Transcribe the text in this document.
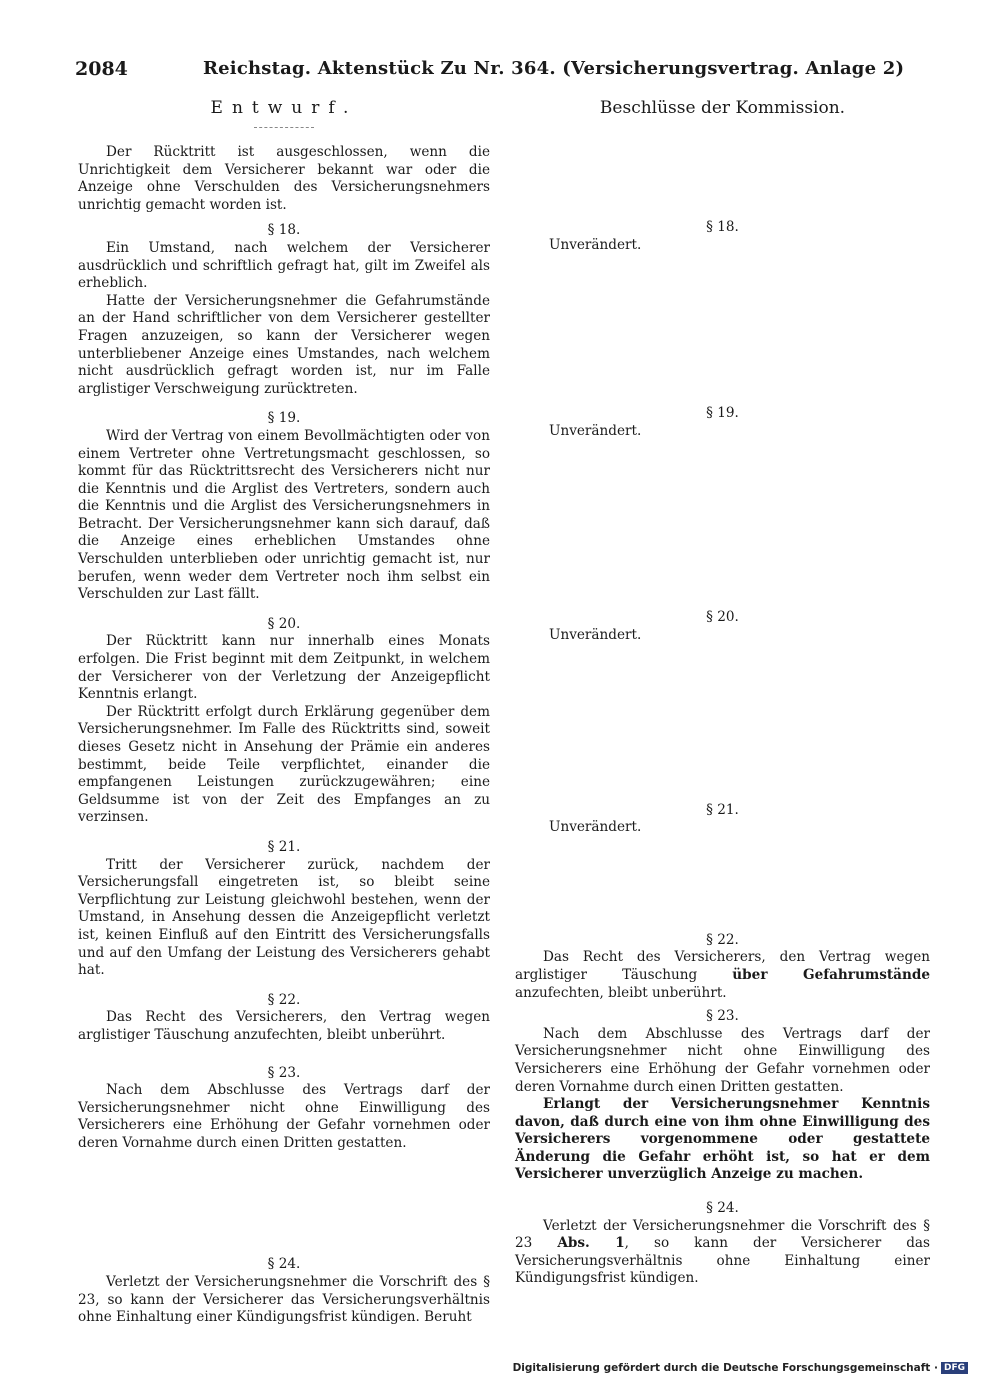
2084	Reichstag. Aktenstück Zu Nr. 364. (Versicherungsvertrag. Anlage 2)
Entwurf.

Der Rücktritt ist ausgeschlossen, wenn die Unrichtigkeit dem Versicherer bekannt war oder die Anzeige ohne Verschulden des Versicherungsnehmers unrichtig gemacht worden ist.

§ 18.

Ein Umstand, nach welchem der Versicherer ausdrücklich und schriftlich gefragt hat, gilt im Zweifel als erheblich.

Hatte der Versicherungsnehmer die Gefahrumstände an der Hand schriftlicher von dem Versicherer gestellter Fragen anzuzeigen, so kann der Versicherer wegen unterbliebener Anzeige eines Umstandes, nach welchem nicht ausdrücklich gefragt worden ist, nur im Falle arglistiger Verschweigung zurücktreten.

§ 19.

Wird der Vertrag von einem Bevollmächtigten oder von einem Vertreter ohne Vertretungsmacht geschlossen, so kommt für das Rücktrittsrecht des Versicherers nicht nur die Kenntnis und die Arglist des Vertreters, sondern auch die Kenntnis und die Arglist des Versicherungsnehmers in Betracht. Der Versicherungsnehmer kann sich darauf, daß die Anzeige eines erheblichen Umstandes ohne Verschulden unterblieben oder unrichtig gemacht ist, nur berufen, wenn weder dem Vertreter noch ihm selbst ein Verschulden zur Last fällt.

§ 20.

Der Rücktritt kann nur innerhalb eines Monats erfolgen. Die Frist beginnt mit dem Zeitpunkt, in welchem der Versicherer von der Verletzung der Anzeigepflicht Kenntnis erlangt.

Der Rücktritt erfolgt durch Erklärung gegenüber dem Versicherungsnehmer. Im Falle des Rücktritts sind, soweit dieses Gesetz nicht in Ansehung der Prämie ein anderes bestimmt, beide Teile verpflichtet, einander die empfangenen Leistungen zurückzugewähren; eine Geldsumme ist von der Zeit des Empfanges an zu verzinsen.

§ 21.

Tritt der Versicherer zurück, nachdem der Versicherungsfall eingetreten ist, so bleibt seine Verpflichtung zur Leistung gleichwohl bestehen, wenn der Umstand, in Ansehung dessen die Anzeigepflicht verletzt ist, keinen Einfluß auf den Eintritt des Versicherungsfalls und auf den Umfang der Leistung des Versicherers gehabt hat.

§ 22.

Das Recht des Versicherers, den Vertrag wegen arglistiger Täuschung anzufechten, bleibt unberührt.

§ 23.

Nach dem Abschlusse des Vertrags darf der Versicherungsnehmer nicht ohne Einwilligung des Versicherers eine Erhöhung der Gefahr vornehmen oder deren Vornahme durch einen Dritten gestatten.

§ 24.

Verletzt der Versicherungsnehmer die Vorschrift des § 23, so kann der Versicherer das Versicherungsverhältnis ohne Einhaltung einer Kündigungsfrist kündigen. Beruht

Beschlüsse der Kommission.

§ 18.

Unverändert.

§ 19.

Unverändert.

§ 20.

Unverändert.

§ 21.

Unverändert.

§ 22.

Das Recht des Versicherers, den Vertrag wegen arglistiger Täuschung über Gefahrumstände anzufechten, bleibt unberührt.

§ 23.

Nach dem Abschlusse des Vertrags darf der Versicherungsnehmer nicht ohne Einwilligung des Versicherers eine Erhöhung der Gefahr vornehmen oder deren Vornahme durch einen Dritten gestatten.

Erlangt der Versicherungsnehmer Kenntnis davon, daß durch eine von ihm ohne Einwilligung des Versicherers vorgenommene oder gestattete Änderung die Gefahr erhöht ist, so hat er dem Versicherer unverzüglich Anzeige zu machen.

§ 24.

Verletzt der Versicherungsnehmer die Vorschrift des § 23 Abs. 1, so kann der Versicherer das Versicherungsverhältnis ohne Einhaltung einer Kündigungsfrist kündigen.

Digitalisierung gefördert durch die Deutsche Forschungsgemeinschaft · DFG
